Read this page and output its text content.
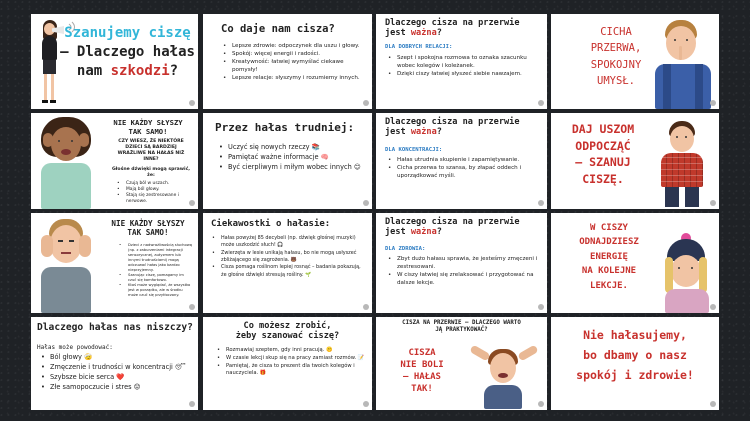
Szanujemy ciszę
– Dlaczego hałas
nam szkodzi?
Co daje nam cisza?
• Lepsze zdrowie: odpoczynek dla uszu i głowy.
• Spokój: więcej energii i radości.
• Kreatywność: łatwiej wymyślać ciekawe pomysły!
• Lepsze relacje: słyszymy i rozumiemy innych.
Dlaczego cisza na przerwie
jest ważna?
DLA DOBRYCH RELACJI:
• Szept i spokojna rozmowa to oznaka szacunku wobec kolegów i koleżanek.
• Dzięki ciszy łatwiej słyszeć siebie nawzajem.
CICHA
PRZERWA,
SPOKOJNY
UMYSŁ.
NIE KAŻDY SŁYSZY
TAK SAMO!
CZY WIESZ, ŻE NIEKTÓRE DZIECI SĄ BARDZIEJ WRAŻLIWE NA HAŁAS NIŻ INNE?
Głośne dźwięki mogą sprawić, że:
• Czują ból w uszach.
• Mają ból głowy.
• Stają się zestresowane i nerwowe.
Przez hałas trudniej:
• Uczyć się nowych rzeczy 📚
• Pamiętać ważne informacje 🧠
• Być cierpliwym i miłym wobec innych 😊
Dlaczego cisza na przerwie
jest ważna?
DLA KONCENTRACJI:
• Hałas utrudnia skupienie i zapamiętywanie.
• Cicha przerwa to szansa, by złapać oddech i uporządkować myśli.
DAJ USZOM
ODPOCZĄĆ
– SZANUJ
CISZĘ.
NIE KAŻDY SŁYSZY
TAK SAMO!
• Dzieci z nadwrażliwością słuchową (np. z zaburzeniami integracji sensorycznej, autyzmem lub innymi trudnościami) mogą odczuwać hałas jako bardzo nieprzyjemny.
• Szanując ciszę, pomagamy im czuć się komfortowo.
• Ktoś może wyglądać, że wszystko jest w porządku, ale w środku może czuć się przytłoczony.
Ciekawostki o hałasie:
• Hałas powyżej 85 decybeli (np. dźwięk głośnej muzyki) może uszkodzić słuch! 🎧
• Zwierzęta w lesie unikają hałasu, bo nie mogą usłyszeć zbliżającego się zagrożenia. 🐻
• Cisza pomaga roślinom lepiej rosnąć – badania pokazują, że głośne dźwięki stresują rośliny. 🌱
Dlaczego cisza na przerwie
jest ważna?
DLA ZDROWIA:
• Zbyt dużo hałasu sprawia, że jesteśmy zmęczeni i zestresowani.
• W ciszy łatwiej się zrelaksować i przygotować na dalsze lekcje.
W CISZY
ODNAJDZIESZ
ENERGIĘ
NA KOLEJNE
LEKCJE.
Dlaczego hałas nas niszczy?
Hałas może powodować:
• Ból głowy 🤕
• Zmęczenie i trudności w koncentracji 😴
• Szybsze bicie serca ❤️
• Złe samopoczucie i stres 😟
Co możesz zrobić,
żeby szanować ciszę?
• Rozmawiaj szeptem, gdy inni pracują. 🤫
• W czasie lekcji skup się na pracy zamiast rozmów. 📝
• Pamiętaj, że cisza to prezent dla twoich kolegów i nauczyciela. 🎁
CISZA NA PRZERWIE – DLACZEGO WARTO
JĄ PRAKTYKOWAĆ?
CISZA
NIE BOLI
– HAŁAS
TAK!
Nie hałasujemy,
bo dbamy o nasz
spokój i zdrowie!
